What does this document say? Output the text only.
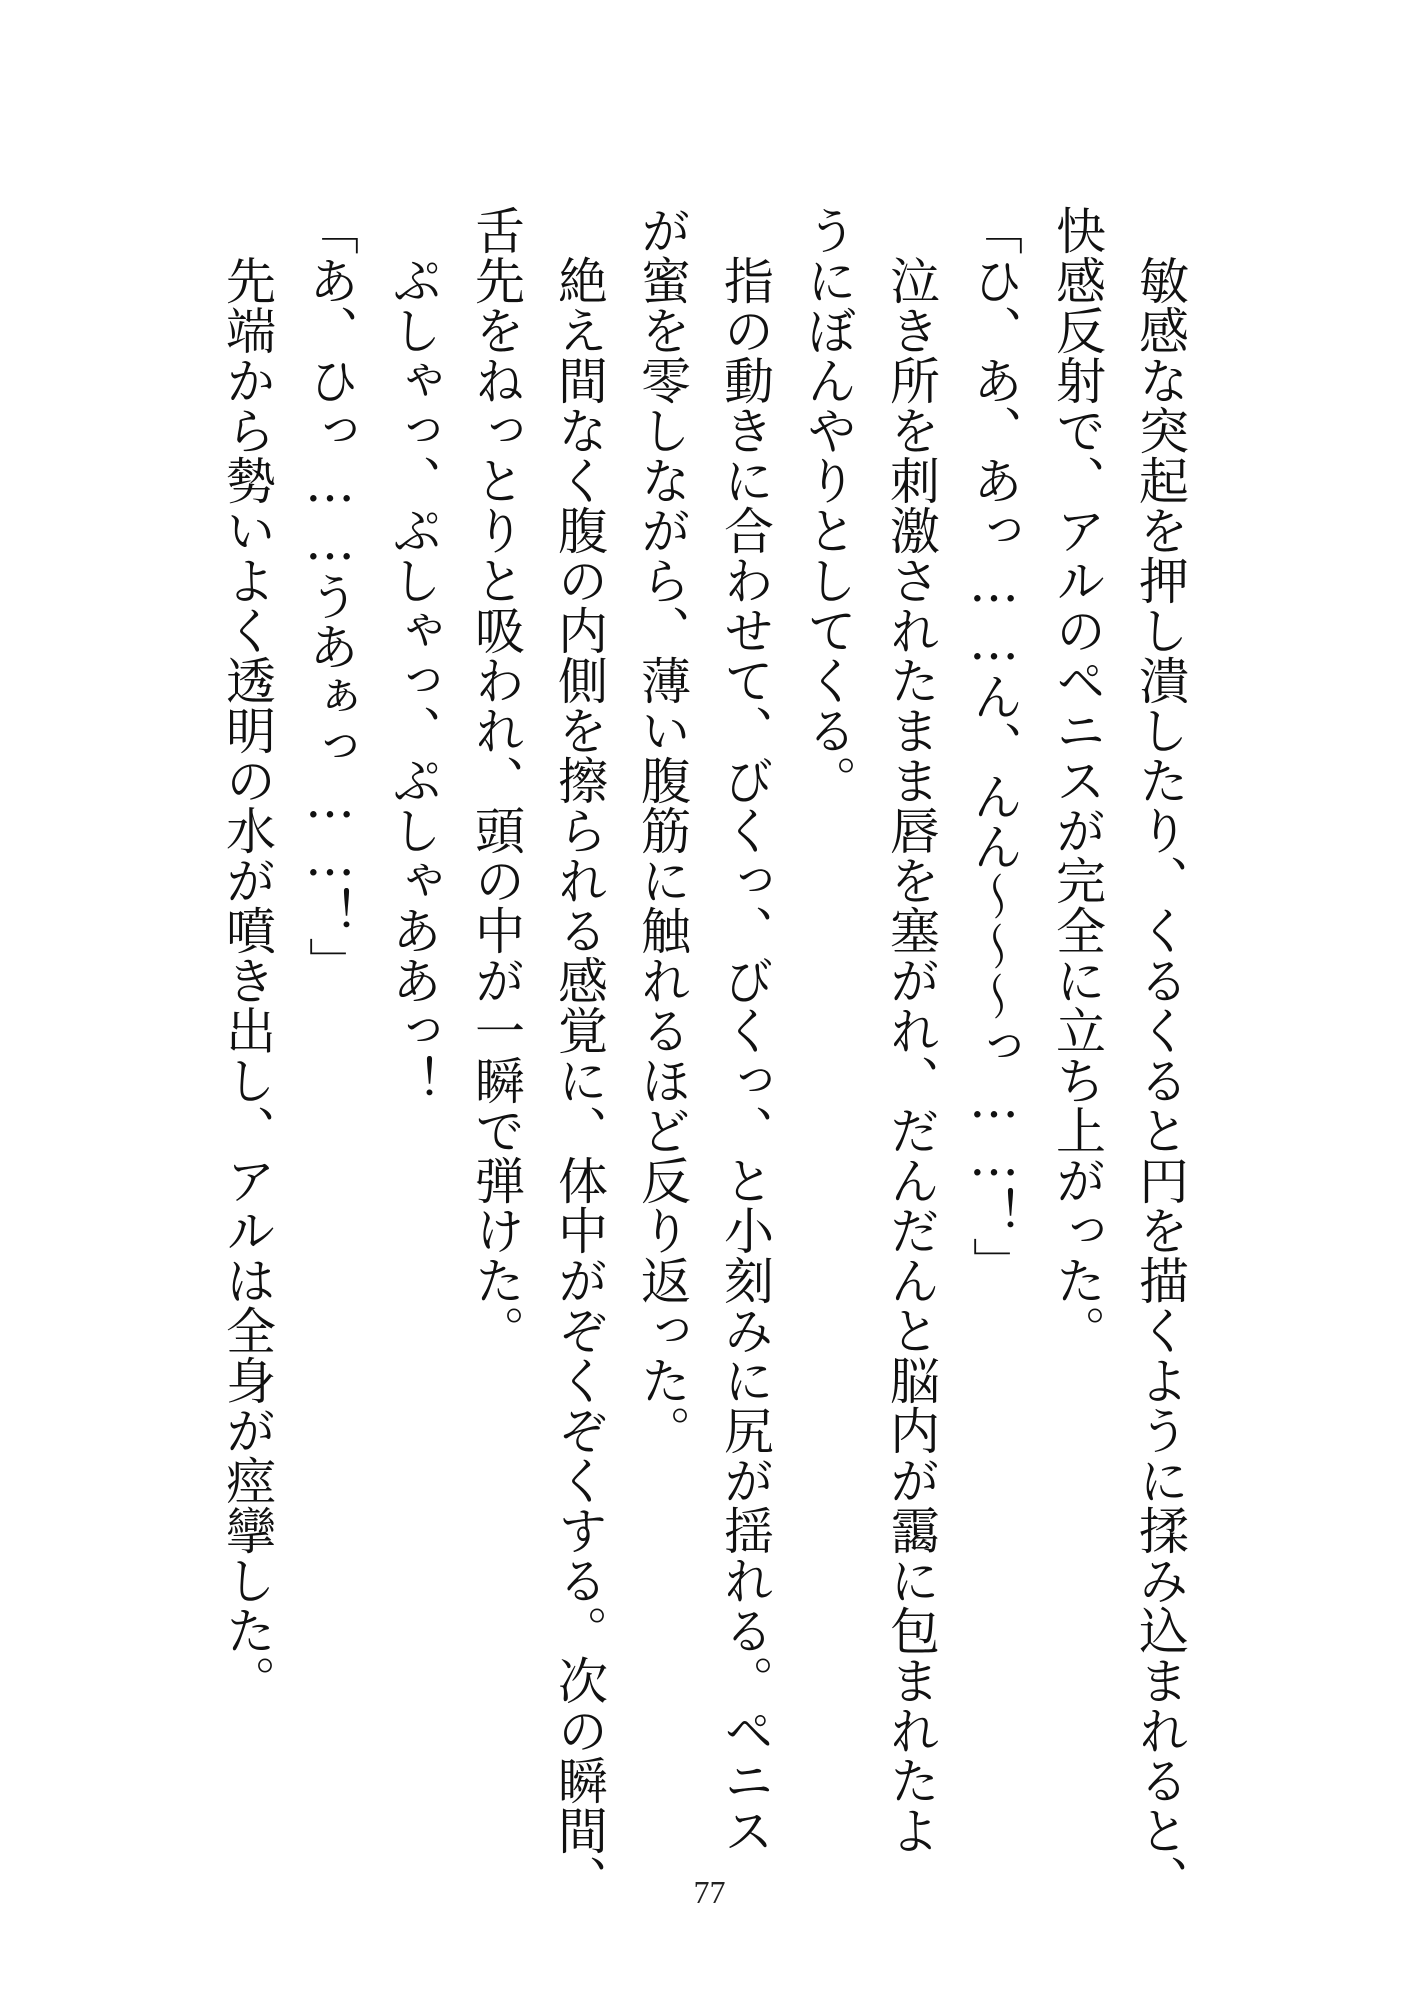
　敏感な突起を押し潰したり、くるくると円を描くように揉み込まれると、

快感反射で、アルのペニスが完全に立ち上がった。

「ひ、あ、あっ……ん、んん〜〜〜っ……！」

　泣き所を刺激されたまま唇を塞がれ、だんだんと脳内が靄に包まれたよ

うにぼんやりとしてくる。

　指の動きに合わせて、びくっ、びくっ、と小刻みに尻が揺れる。ペニス

が蜜を零しながら、薄い腹筋に触れるほど反り返った。

　絶え間なく腹の内側を擦られる感覚に、体中がぞくぞくする。次の瞬間、

舌先をねっとりと吸われ、頭の中が一瞬で弾けた。

　ぷしゃっ、ぷしゃっ、ぷしゃああっ！

「あ、ひっ……うあぁっ……！」

　先端から勢いよく透明の水が噴き出し、アルは全身が痙攣した。

77
